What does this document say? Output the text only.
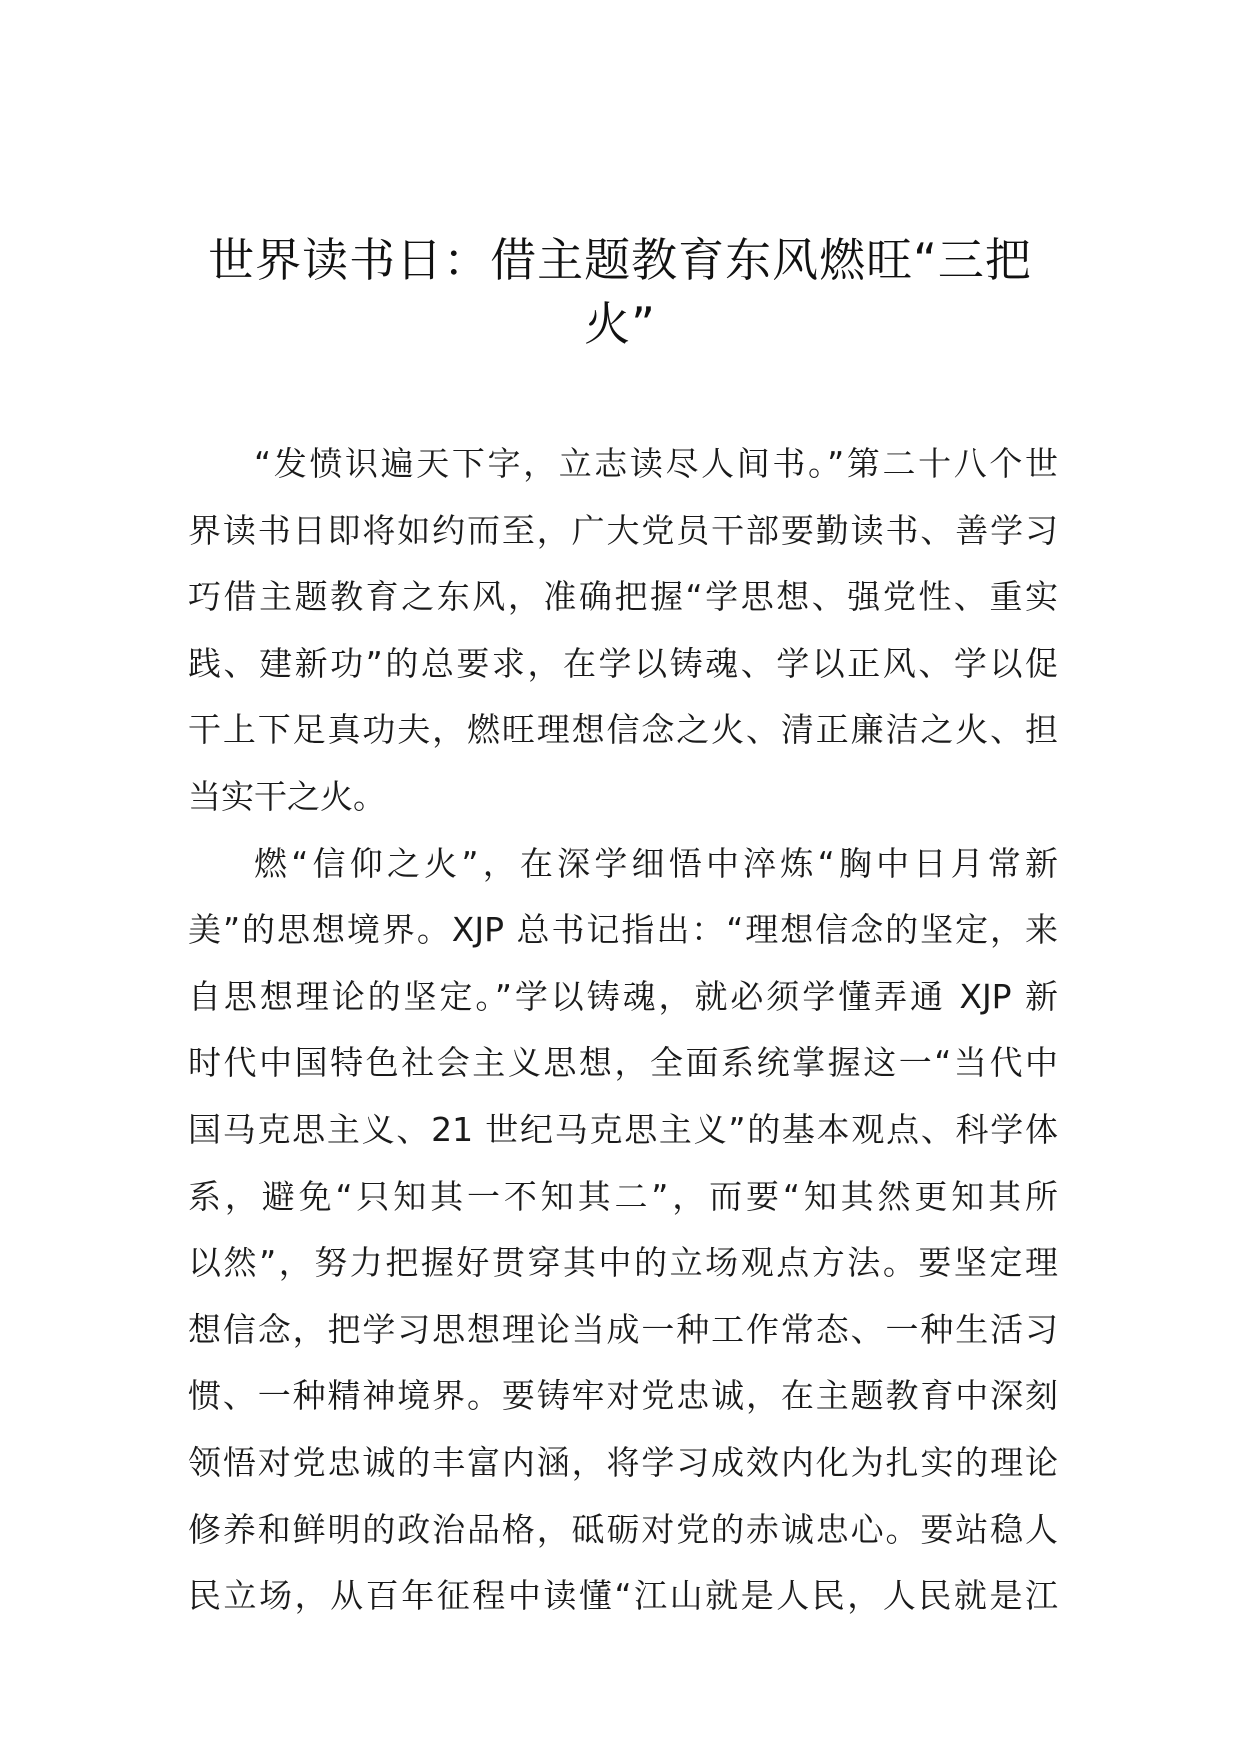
世界读书日：借主题教育东风燃旺“三把
火”
“发愤识遍天下字，立志读尽人间书。”第二十八个世
界读书日即将如约而至，广大党员干部要勤读书、善学习
巧借主题教育之东风，准确把握“学思想、强党性、重实
践、建新功”的总要求，在学以铸魂、学以正风、学以促
干上下足真功夫，燃旺理想信念之火、清正廉洁之火、担
当实干之火。
燃“信仰之火”，在深学细悟中淬炼“胸中日月常新
美”的思想境界。XJP 总书记指出：“理想信念的坚定，来
自思想理论的坚定。”学以铸魂，就必须学懂弄通 XJP 新
时代中国特色社会主义思想，全面系统掌握这一“当代中
国马克思主义、21 世纪马克思主义”的基本观点、科学体
系，避免“只知其一不知其二”，而要“知其然更知其所
以然”，努力把握好贯穿其中的立场观点方法。要坚定理
想信念，把学习思想理论当成一种工作常态、一种生活习
惯、一种精神境界。要铸牢对党忠诚，在主题教育中深刻
领悟对党忠诚的丰富内涵，将学习成效内化为扎实的理论
修养和鲜明的政治品格，砥砺对党的赤诚忠心。要站稳人
民立场，从百年征程中读懂“江山就是人民，人民就是江
